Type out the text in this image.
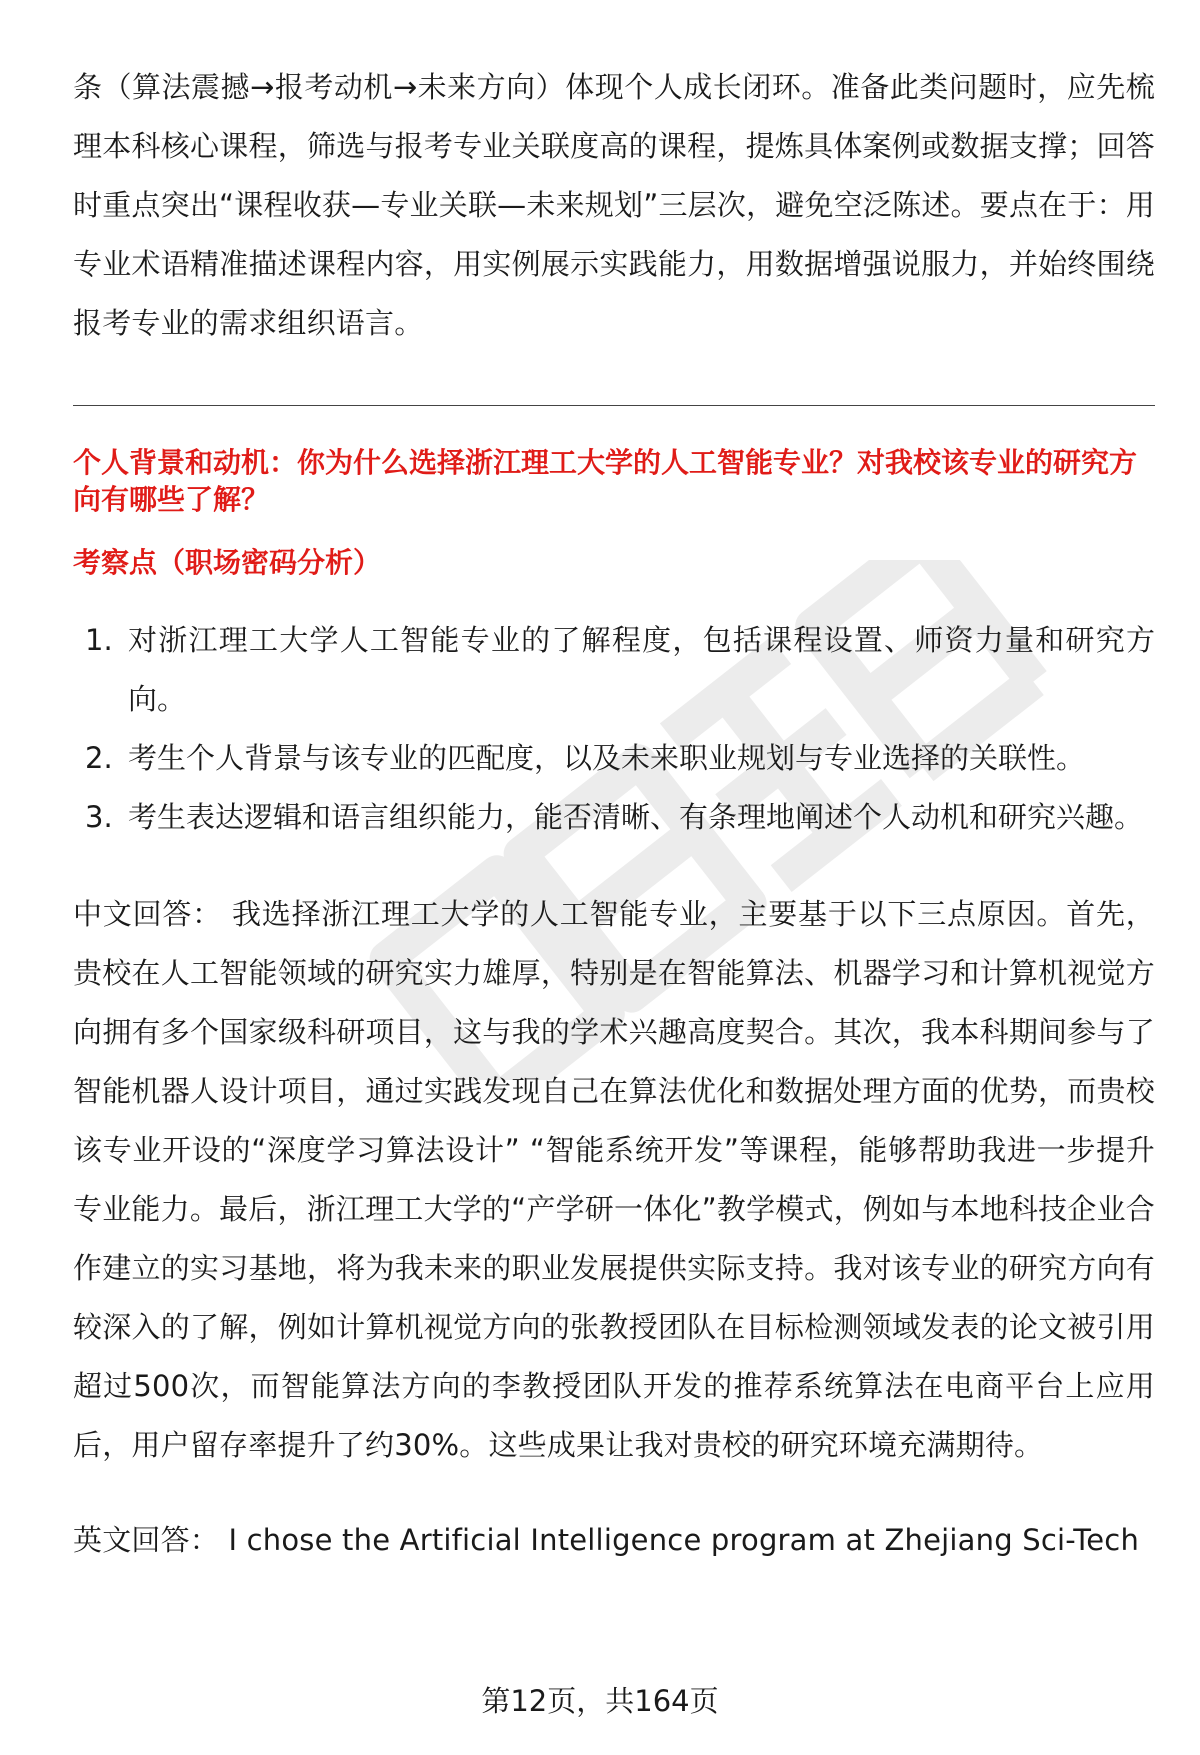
条（算法震撼→报考动机→未来方向）体现个人成长闭环。准备此类问题时，应先梳理本科核心课程，筛选与报考专业关联度高的课程，提炼具体案例或数据支撑；回答时重点突出“课程收获—专业关联—未来规划”三层次，避免空泛陈述。要点在于：用专业术语精准描述课程内容，用实例展示实践能力，用数据增强说服力，并始终围绕报考专业的需求组织语言。

个人背景和动机：你为什么选择浙江理工大学的人工智能专业？对我校该专业的研究方向有哪些了解？
考察点（职场密码分析）
1. 对浙江理工大学人工智能专业的了解程度，包括课程设置、师资力量和研究方向。
2. 考生个人背景与该专业的匹配度，以及未来职业规划与专业选择的关联性。
3. 考生表达逻辑和语言组织能力，能否清晰、有条理地阐述个人动机和研究兴趣。

中文回答： 我选择浙江理工大学的人工智能专业，主要基于以下三点原因。首先，贵校在人工智能领域的研究实力雄厚，特别是在智能算法、机器学习和计算机视觉方向拥有多个国家级科研项目，这与我的学术兴趣高度契合。其次，我本科期间参与了智能机器人设计项目，通过实践发现自己在算法优化和数据处理方面的优势，而贵校该专业开设的“深度学习算法设计” “智能系统开发”等课程，能够帮助我进一步提升专业能力。最后，浙江理工大学的“产学研一体化”教学模式，例如与本地科技企业合作建立的实习基地，将为我未来的职业发展提供实际支持。我对该专业的研究方向有较深入的了解，例如计算机视觉方向的张教授团队在目标检测领域发表的论文被引用超过500次，而智能算法方向的李教授团队开发的推荐系统算法在电商平台上应用后，用户留存率提升了约30%。这些成果让我对贵校的研究环境充满期待。

英文回答： I chose the Artificial Intelligence program at Zhejiang Sci-Tech

第12页，共164页
